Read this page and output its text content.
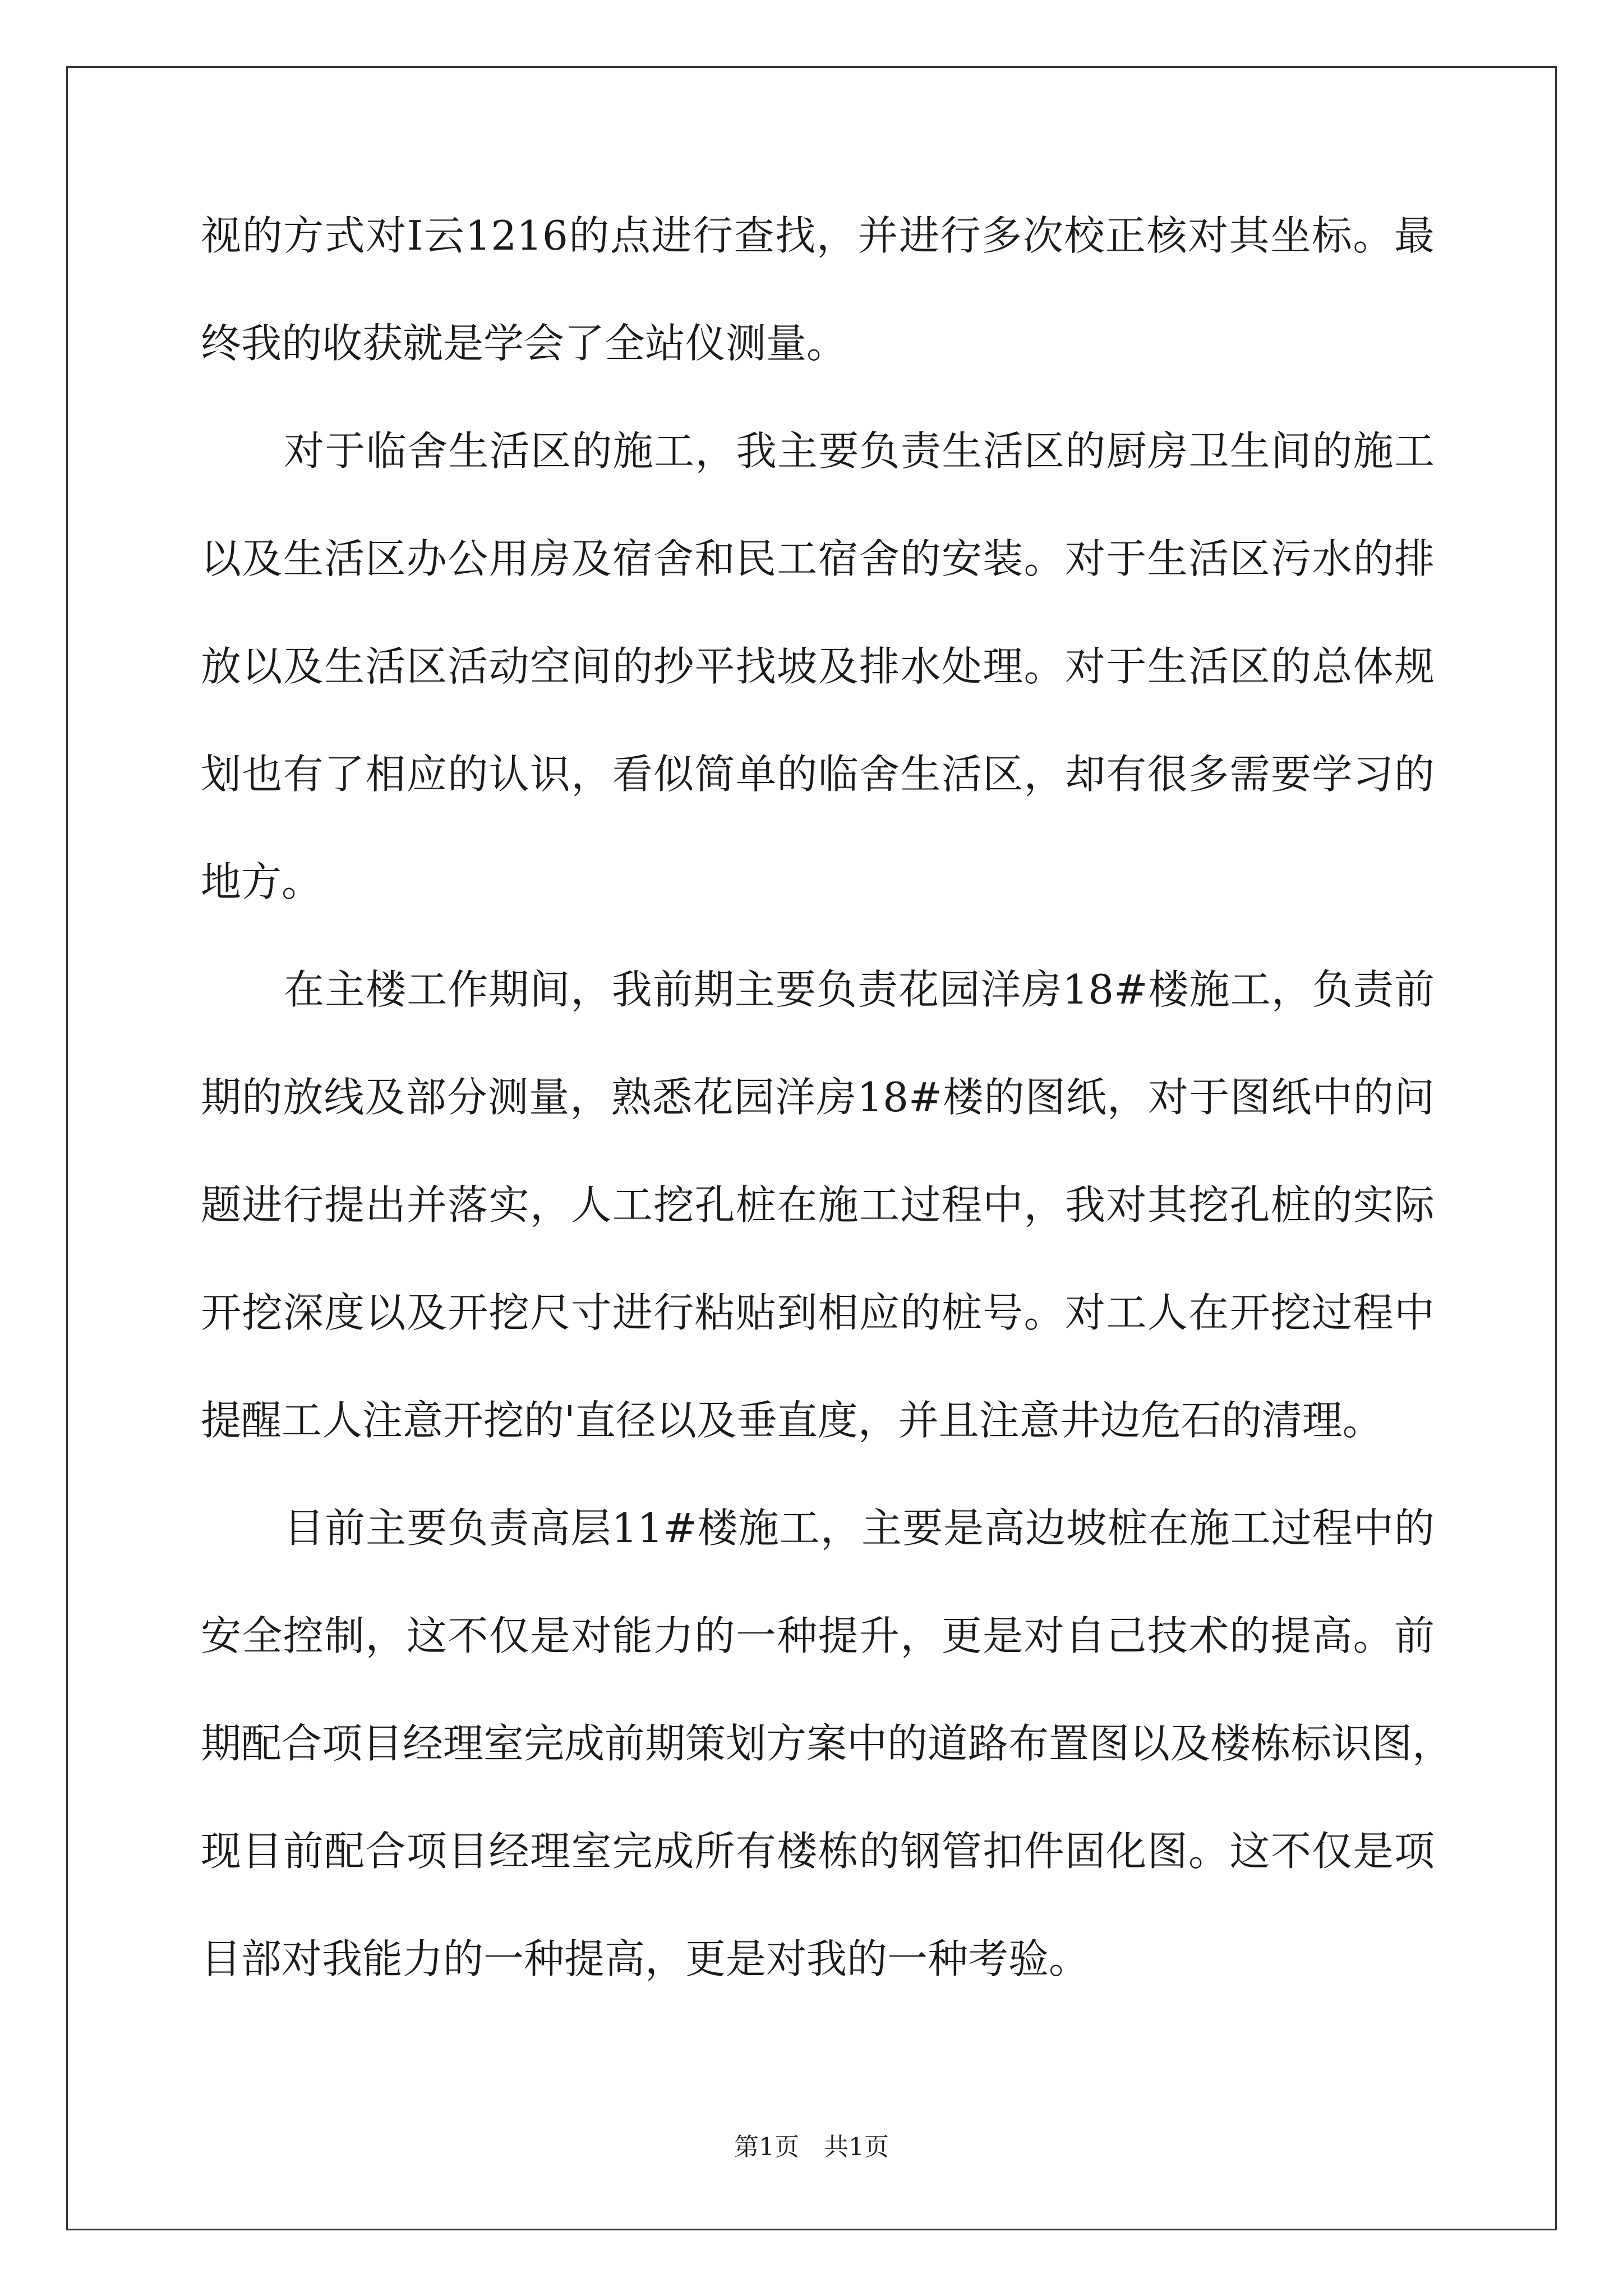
视的方式对Ⅰ云1216的点进行查找，并进行多次校正核对其坐标。最
终我的收获就是学会了全站仪测量。
对于临舍生活区的施工，我主要负责生活区的厨房卫生间的施工
以及生活区办公用房及宿舍和民工宿舍的安装。对于生活区污水的排
放以及生活区活动空间的抄平找坡及排水处理。对于生活区的总体规
划也有了相应的认识，看似简单的临舍生活区，却有很多需要学习的
地方。
在主楼工作期间，我前期主要负责花园洋房18#楼施工，负责前
期的放线及部分测量，熟悉花园洋房18#楼的图纸，对于图纸中的问
题进行提出并落实，人工挖孔桩在施工过程中，我对其挖孔桩的实际
开挖深度以及开挖尺寸进行粘贴到相应的桩号。对工人在开挖过程中
提醒工人注意开挖的'直径以及垂直度，并且注意井边危石的清理。
目前主要负责高层11#楼施工，主要是高边坡桩在施工过程中的
安全控制，这不仅是对能力的一种提升，更是对自己技术的提高。前
期配合项目经理室完成前期策划方案中的道路布置图以及楼栋标识图，
现目前配合项目经理室完成所有楼栋的钢管扣件固化图。这不仅是项
目部对我能力的一种提高，更是对我的一种考验。
第1页　共1页
